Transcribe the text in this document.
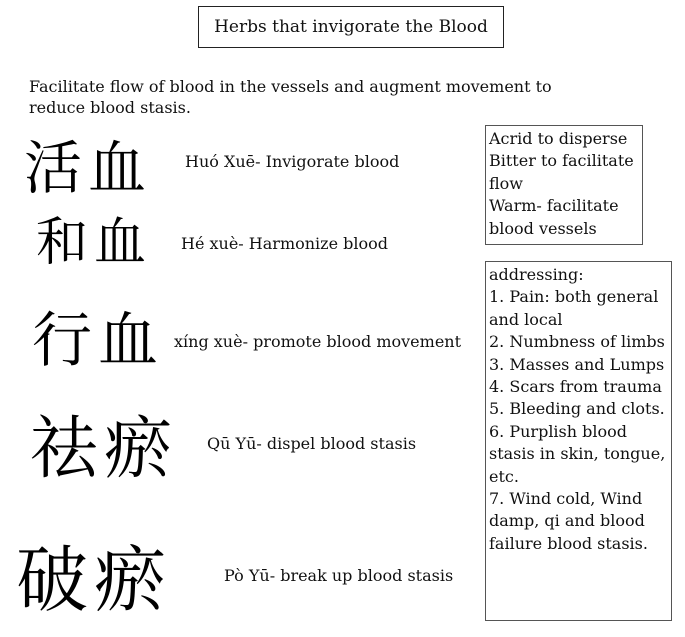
Herbs that invigorate the Blood
Facilitate flow of blood in the vessels and augment movement to reduce blood stasis.
活血 Huó Xuē- Invigorate blood
和血 Hé xuè- Harmonize blood
行血 xíng xuè- promote blood movement
祛瘀 Qū Yū- dispel blood stasis
破瘀	Pò Yū- break up blood stasis
Acrid to disperse
Bitter to facilitate flow
Warm- facilitate blood vessels
addressing:
1. Pain: both general and local
2. Numbness of limbs
3. Masses and Lumps
4. Scars from trauma
5. Bleeding and clots.
6. Purplish blood stasis in skin, tongue, etc.
7. Wind cold, Wind damp, qi and blood failure blood stasis.
